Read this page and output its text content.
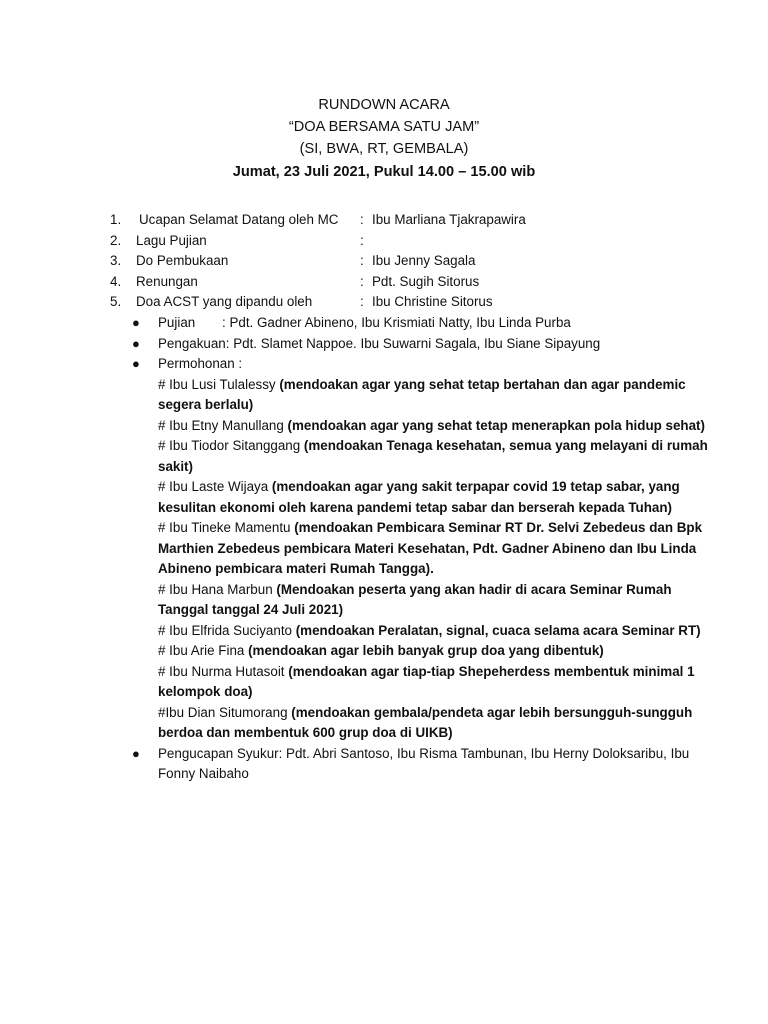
RUNDOWN ACARA
“DOA BERSAMA SATU JAM”
(SI, BWA, RT, GEMBALA)
Jumat, 23 Juli 2021, Pukul 14.00 – 15.00 wib
1. Ucapan Selamat Datang oleh MC : Ibu Marliana Tjakrapawira
2. Lagu Pujian	:
3. Do Pembukaan	: Ibu Jenny Sagala
4. Renungan	: Pdt. Sugih Sitorus
5. Doa ACST yang dipandu oleh	: Ibu Christine Sitorus
● Pujian : Pdt. Gadner Abineno, Ibu Krismiati Natty, Ibu Linda Purba
● Pengakuan: Pdt. Slamet Nappoe. Ibu Suwarni Sagala, Ibu Siane Sipayung
● Permohonan :
# Ibu Lusi Tulalessy (mendoakan agar yang sehat tetap bertahan dan agar pandemic segera berlalu)
# Ibu Etny Manullang (mendoakan agar yang sehat tetap menerapkan pola hidup sehat)
# Ibu Tiodor Sitanggang (mendoakan Tenaga kesehatan, semua yang melayani di rumah sakit)
# Ibu Laste Wijaya (mendoakan agar yang sakit terpapar covid 19 tetap sabar, yang kesulitan ekonomi oleh karena pandemi tetap sabar dan berserah kepada Tuhan)
# Ibu Tineke Mamentu (mendoakan Pembicara Seminar RT Dr. Selvi Zebedeus dan Bpk Marthien Zebedeus pembicara Materi Kesehatan, Pdt. Gadner Abineno dan Ibu Linda Abineno pembicara materi Rumah Tangga).
# Ibu Hana Marbun (Mendoakan peserta yang akan hadir di acara Seminar Rumah Tanggal tanggal 24 Juli 2021)
# Ibu Elfrida Suciyanto (mendoakan Peralatan, signal, cuaca selama acara Seminar RT)
# Ibu Arie Fina (mendoakan agar lebih banyak grup doa yang dibentuk)
# Ibu Nurma Hutasoit (mendoakan agar tiap-tiap Shepeherdess membentuk minimal 1 kelompok doa)
#Ibu Dian Situmorang (mendoakan gembala/pendeta agar lebih bersungguh-sungguh berdoa dan membentuk 600 grup doa di UIKB)
● Pengucapan Syukur: Pdt. Abri Santoso, Ibu Risma Tambunan, Ibu Herny Doloksaribu, Ibu Fonny Naibaho
